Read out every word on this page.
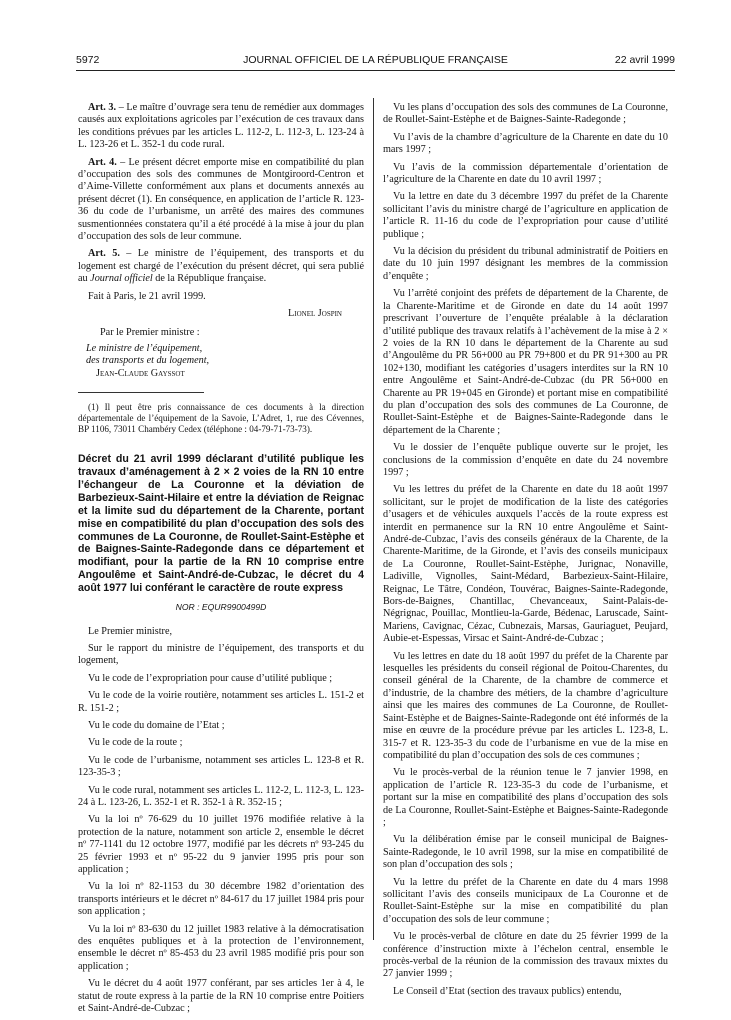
5972	JOURNAL OFFICIEL DE LA RÉPUBLIQUE FRANÇAISE	22 avril 1999

Art. 3. – Le maître d’ouvrage sera tenu de remédier aux dommages causés aux exploitations agricoles par l’exécution de ces travaux dans les conditions prévues par les articles L. 112-2, L. 112-3, L. 123-24 à L. 123-26 et L. 352-1 du code rural.

Art. 4. – Le présent décret emporte mise en compatibilité du plan d’occupation des sols des communes de Montgiroord-Centron et d’Aime-Villette conformément aux plans et documents annexés au présent décret (1). En conséquence, en application de l’article R. 123-36 du code de l’urbanisme, un arrêté des maires des communes susmentionnées constatera qu’il a été procédé à la mise à jour du plan d’occupation des sols de leur commune.

Art. 5. – Le ministre de l’équipement, des transports et du logement est chargé de l’exécution du présent décret, qui sera publié au Journal officiel de la République française.

Fait à Paris, le 21 avril 1999.

Lionel Jospin

Par le Premier ministre :

Le ministre de l’équipement,

des transports et du logement,

Jean-Claude Gayssot

(1) Il peut être pris connaissance de ces documents à la direction départementale de l’équipement de la Savoie, L’Adret, 1, rue des Cévennes, BP 1106, 73011 Chambéry Cedex (téléphone : 04-79-71-73-73).

Décret du 21 avril 1999 déclarant d’utilité publique les travaux d’aménagement à 2 × 2 voies de la RN 10 entre l’échangeur de La Couronne et la déviation de Barbezieux-Saint-Hilaire et entre la déviation de Reignac et la limite sud du département de la Charente, portant mise en compatibilité du plan d’occupation des sols des communes de La Couronne, de Roullet-Saint-Estèphe et de Baignes-Sainte-Radegonde dans ce département et modifiant, pour la partie de la RN 10 comprise entre Angoulême et Saint-André-de-Cubzac, le décret du 4 août 1977 lui conférant le caractère de route express

NOR : EQUR9900499D

Le Premier ministre,

Sur le rapport du ministre de l’équipement, des transports et du logement,

Vu le code de l’expropriation pour cause d’utilité publique ;

Vu le code de la voirie routière, notamment ses articles L. 151-2 et R. 151-2 ;

Vu le code du domaine de l’Etat ;

Vu le code de la route ;

Vu le code de l’urbanisme, notamment ses articles L. 123-8 et R. 123-35-3 ;

Vu le code rural, notamment ses articles L. 112-2, L. 112-3, L. 123-24 à L. 123-26, L. 352-1 et R. 352-1 à R. 352-15 ;

Vu la loi nº 76-629 du 10 juillet 1976 modifiée relative à la protection de la nature, notamment son article 2, ensemble le décret nº 77-1141 du 12 octobre 1977, modifié par les décrets nº 93-245 du 25 février 1993 et nº 95-22 du 9 janvier 1995 pris pour son application ;

Vu la loi nº 82-1153 du 30 décembre 1982 d’orientation des transports intérieurs et le décret nº 84-617 du 17 juillet 1984 pris pour son application ;

Vu la loi nº 83-630 du 12 juillet 1983 relative à la démocratisation des enquêtes publiques et à la protection de l’environnement, ensemble le décret nº 85-453 du 23 avril 1985 modifié pris pour son application ;

Vu le décret du 4 août 1977 conférant, par ses articles 1er à 4, le statut de route express à la partie de la RN 10 comprise entre Poitiers et Saint-André-de-Cubzac ;

Vu les plans d’occupation des sols des communes de La Couronne, de Roullet-Saint-Estèphe et de Baignes-Sainte-Radegonde ;

Vu l’avis de la chambre d’agriculture de la Charente en date du 10 mars 1997 ;

Vu l’avis de la commission départementale d’orientation de l’agriculture de la Charente en date du 10 avril 1997 ;

Vu la lettre en date du 3 décembre 1997 du préfet de la Charente sollicitant l’avis du ministre chargé de l’agriculture en application de l’article R. 11-16 du code de l’expropriation pour cause d’utilité publique ;

Vu la décision du président du tribunal administratif de Poitiers en date du 10 juin 1997 désignant les membres de la commission d’enquête ;

Vu l’arrêté conjoint des préfets de département de la Charente, de la Charente-Maritime et de Gironde en date du 14 août 1997 prescrivant l’ouverture de l’enquête préalable à la déclaration d’utilité publique des travaux relatifs à l’achèvement de la mise à 2 × 2 voies de la RN 10 dans le département de la Charente au sud d’Angoulême du PR 56+000 au PR 79+800 et du PR 91+300 au PR 102+130, modifiant les catégories d’usagers interdites sur la RN 10 entre Angoulême et Saint-André-de-Cubzac (du PR 56+000 en Charente au PR 19+045 en Gironde) et portant mise en compatibilité du plan d’occupation des sols des communes de La Couronne, de Roullet-Saint-Estèphe et de Baignes-Sainte-Radegonde dans le département de la Charente ;

Vu le dossier de l’enquête publique ouverte sur le projet, les conclusions de la commission d’enquête en date du 24 novembre 1997 ;

Vu les lettres du préfet de la Charente en date du 18 août 1997 sollicitant, sur le projet de modification de la liste des catégories d’usagers et de véhicules auxquels l’accès de la route express est interdit en permanence sur la RN 10 entre Angoulême et Saint-André-de-Cubzac, l’avis des conseils généraux de la Charente, de la Charente-Maritime, de la Gironde, et l’avis des conseils municipaux de La Couronne, Roullet-Saint-Estèphe, Jurignac, Nonaville, Ladiville, Vignolles, Saint-Médard, Barbezieux-Saint-Hilaire, Reignac, Le Tâtre, Condéon, Touvérac, Baignes-Sainte-Radegonde, Bors-de-Baignes, Chantillac, Chevanceaux, Saint-Palais-de-Négrignac, Pouillac, Montlieu-la-Garde, Bédenac, Laruscade, Saint-Mariens, Cavignac, Cézac, Cubnezais, Marsas, Gauriaguet, Peujard, Aubie-et-Espessas, Virsac et Saint-André-de-Cubzac ;

Vu les lettres en date du 18 août 1997 du préfet de la Charente par lesquelles les présidents du conseil régional de Poitou-Charentes, du conseil général de la Charente, de la chambre de commerce et d’industrie, de la chambre des métiers, de la chambre d’agriculture ainsi que les maires des communes de La Couronne, de Roullet-Saint-Estèphe et de Baignes-Sainte-Radegonde ont été informés de la mise en œuvre de la procédure prévue par les articles L. 123-8, L. 315-7 et R. 123-35-3 du code de l’urbanisme en vue de la mise en compatibilité du plan d’occupation des sols de ces communes ;

Vu le procès-verbal de la réunion tenue le 7 janvier 1998, en application de l’article R. 123-35-3 du code de l’urbanisme, et portant sur la mise en compatibilité des plans d’occupation des sols de La Couronne, Roullet-Saint-Estèphe et Baignes-Sainte-Radegonde ;

Vu la délibération émise par le conseil municipal de Baignes-Sainte-Radegonde, le 10 avril 1998, sur la mise en compatibilité de son plan d’occupation des sols ;

Vu la lettre du préfet de la Charente en date du 4 mars 1998 sollicitant l’avis des conseils municipaux de La Couronne et de Roullet-Saint-Estèphe sur la mise en compatibilité du plan d’occupation des sols de leur commune ;

Vu le procès-verbal de clôture en date du 25 février 1999 de la conférence d’instruction mixte à l’échelon central, ensemble le procès-verbal de la réunion de la commission des travaux mixtes du 27 janvier 1999 ;

Le Conseil d’Etat (section des travaux publics) entendu,
